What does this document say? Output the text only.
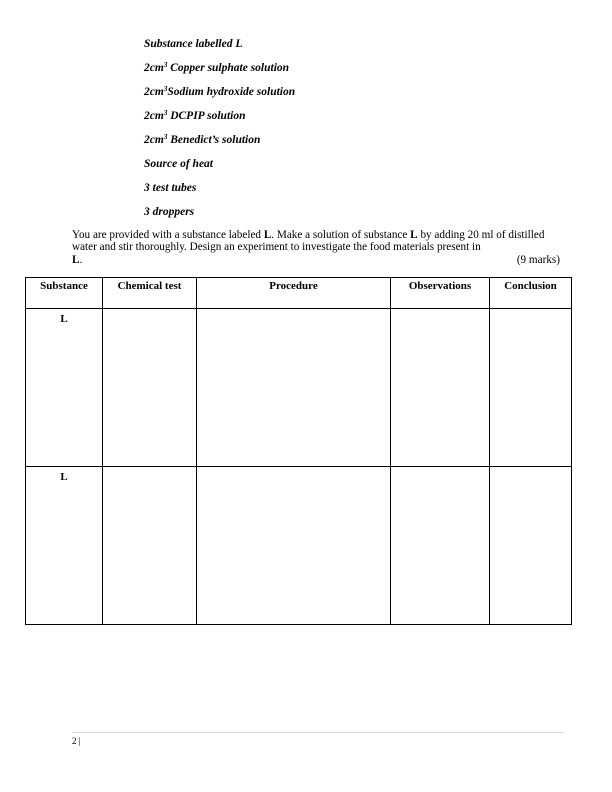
Substance labelled L
$2cm^3$ Copper sulphate solution
$2cm^3Sodium$ hydroxide solution
$2cm^3$ DCPIP solution
$2cm^3$ Benedict’s solution
Source of heat
3 test tubes
3 droppers

You are provided with a substance labeled L. Make a solution of substance L by adding 20 ml of distilled water and stir thoroughly. Design an experiment to investigate the food materials present in

L.	(9 marks)
Substance	Chemical test	Procedure	Observations	Conclusion
L				
L				
2 |
